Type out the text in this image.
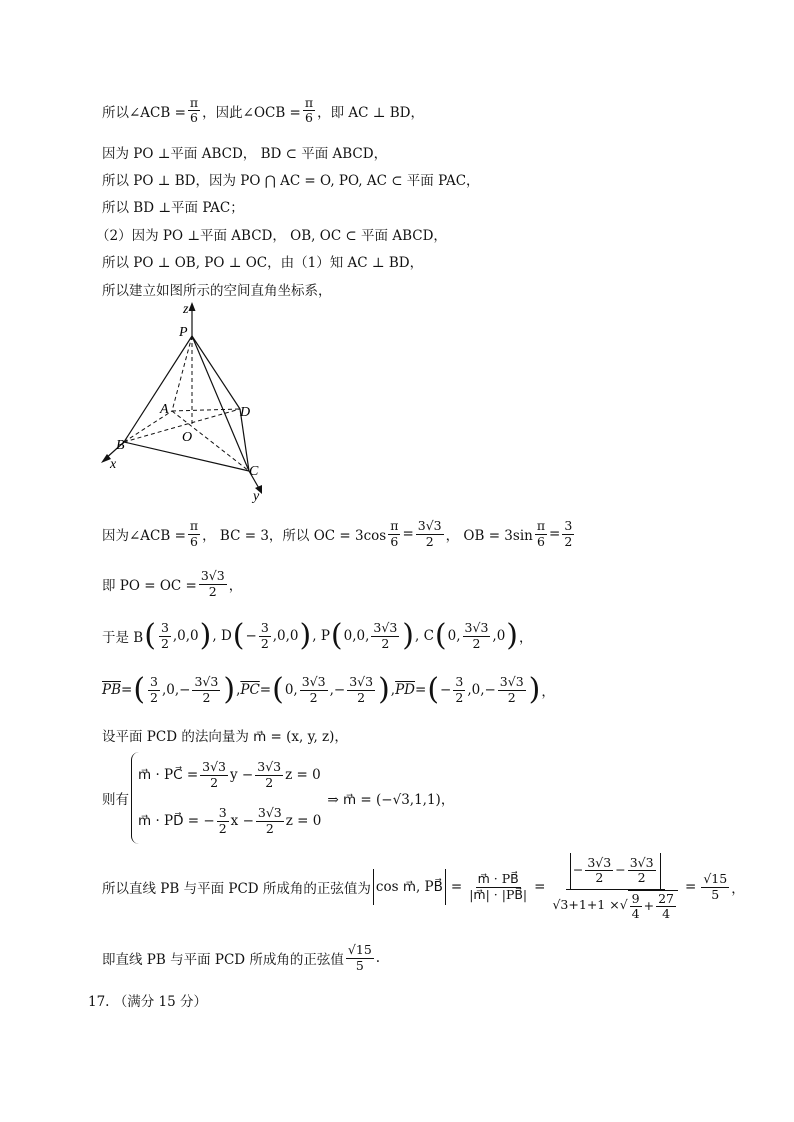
所以∠ACB = $\frac{\pi}{6}$ ，因此∠OCB = $\frac{\pi}{6}$ ，即 AC ⊥ BD，
因为 PO ⊥平面 ABCD， BD ⊂ 平面 ABCD，
所以 PO ⊥ BD，因为 PO ⋂ AC = O, PO, AC ⊂ 平面 PAC，
所以 BD ⊥平面 PAC；
（2）因为 PO ⊥平面 ABCD， OB, OC ⊂ 平面 ABCD，
所以 PO ⊥ OB, PO ⊥ OC，由（1）知 AC ⊥ BD，
所以建立如图所示的空间直角坐标系，
z
P
A	D
O
B
x	C
y
因为∠ACB = $\frac{\pi}{6}$ ， BC = 3，所以 OC = $3\cos \frac{\pi}{6} = \frac{3√3}{2}$ ， OB = $3\sin \frac{\pi}{6} = \frac{3}{2}$
即 PO = OC = $\frac{3√3}{2}$ ，
于是 B ( $\frac{3}{2} ,0,0$ ) , D ( − $\frac{3}{2} ,0,0$ ) , P ( 0,0, $\frac{3√3}{2}$ ) , C ( 0, $\frac{3√3}{2} ,0$ ) ，
$\overline{PB}$ = ( $\frac{3}{2} ,0,- \frac{3√3}{2}$ ) , $\overline{PC}$ = ( 0, $\frac{3√3}{2}$ ,− $\frac{3√3}{2}$ ) , $\overline{PD}$ = ( − $\frac{3}{2} ,0,- \frac{3√3}{2}$ ) ，
设平面 PCD 的法向量为 m⃗ = (x, y, z)，
则有
m⃗ · PC⃗ = $\frac{3√3}{2}$ $y - \frac{3√3}{2}$ z = 0
m⃗ · PD⃗ = − $\frac{3}{2}$ $x - \frac{3√3}{2}$ z = 0
⇒ m⃗ = (−√3,1,1)，
所以直线 PB 与平面 PCD 所成角的正弦值为 cos m⃗, PB⃗ = $\frac{m⃗ \cdot PB⃗}{|m⃗| \cdot |PB⃗|}$ =
− $\frac{3√3}{2} - \frac{3√3}{2}$
√3+1+1 × √ $\frac{9}{4} + \frac{27}{4}$
= $\frac{√15}{5}$ ，
即直线 PB 与平面 PCD 所成角的正弦值 $\frac{√15}{5}$ .
17. （满分 15 分）
